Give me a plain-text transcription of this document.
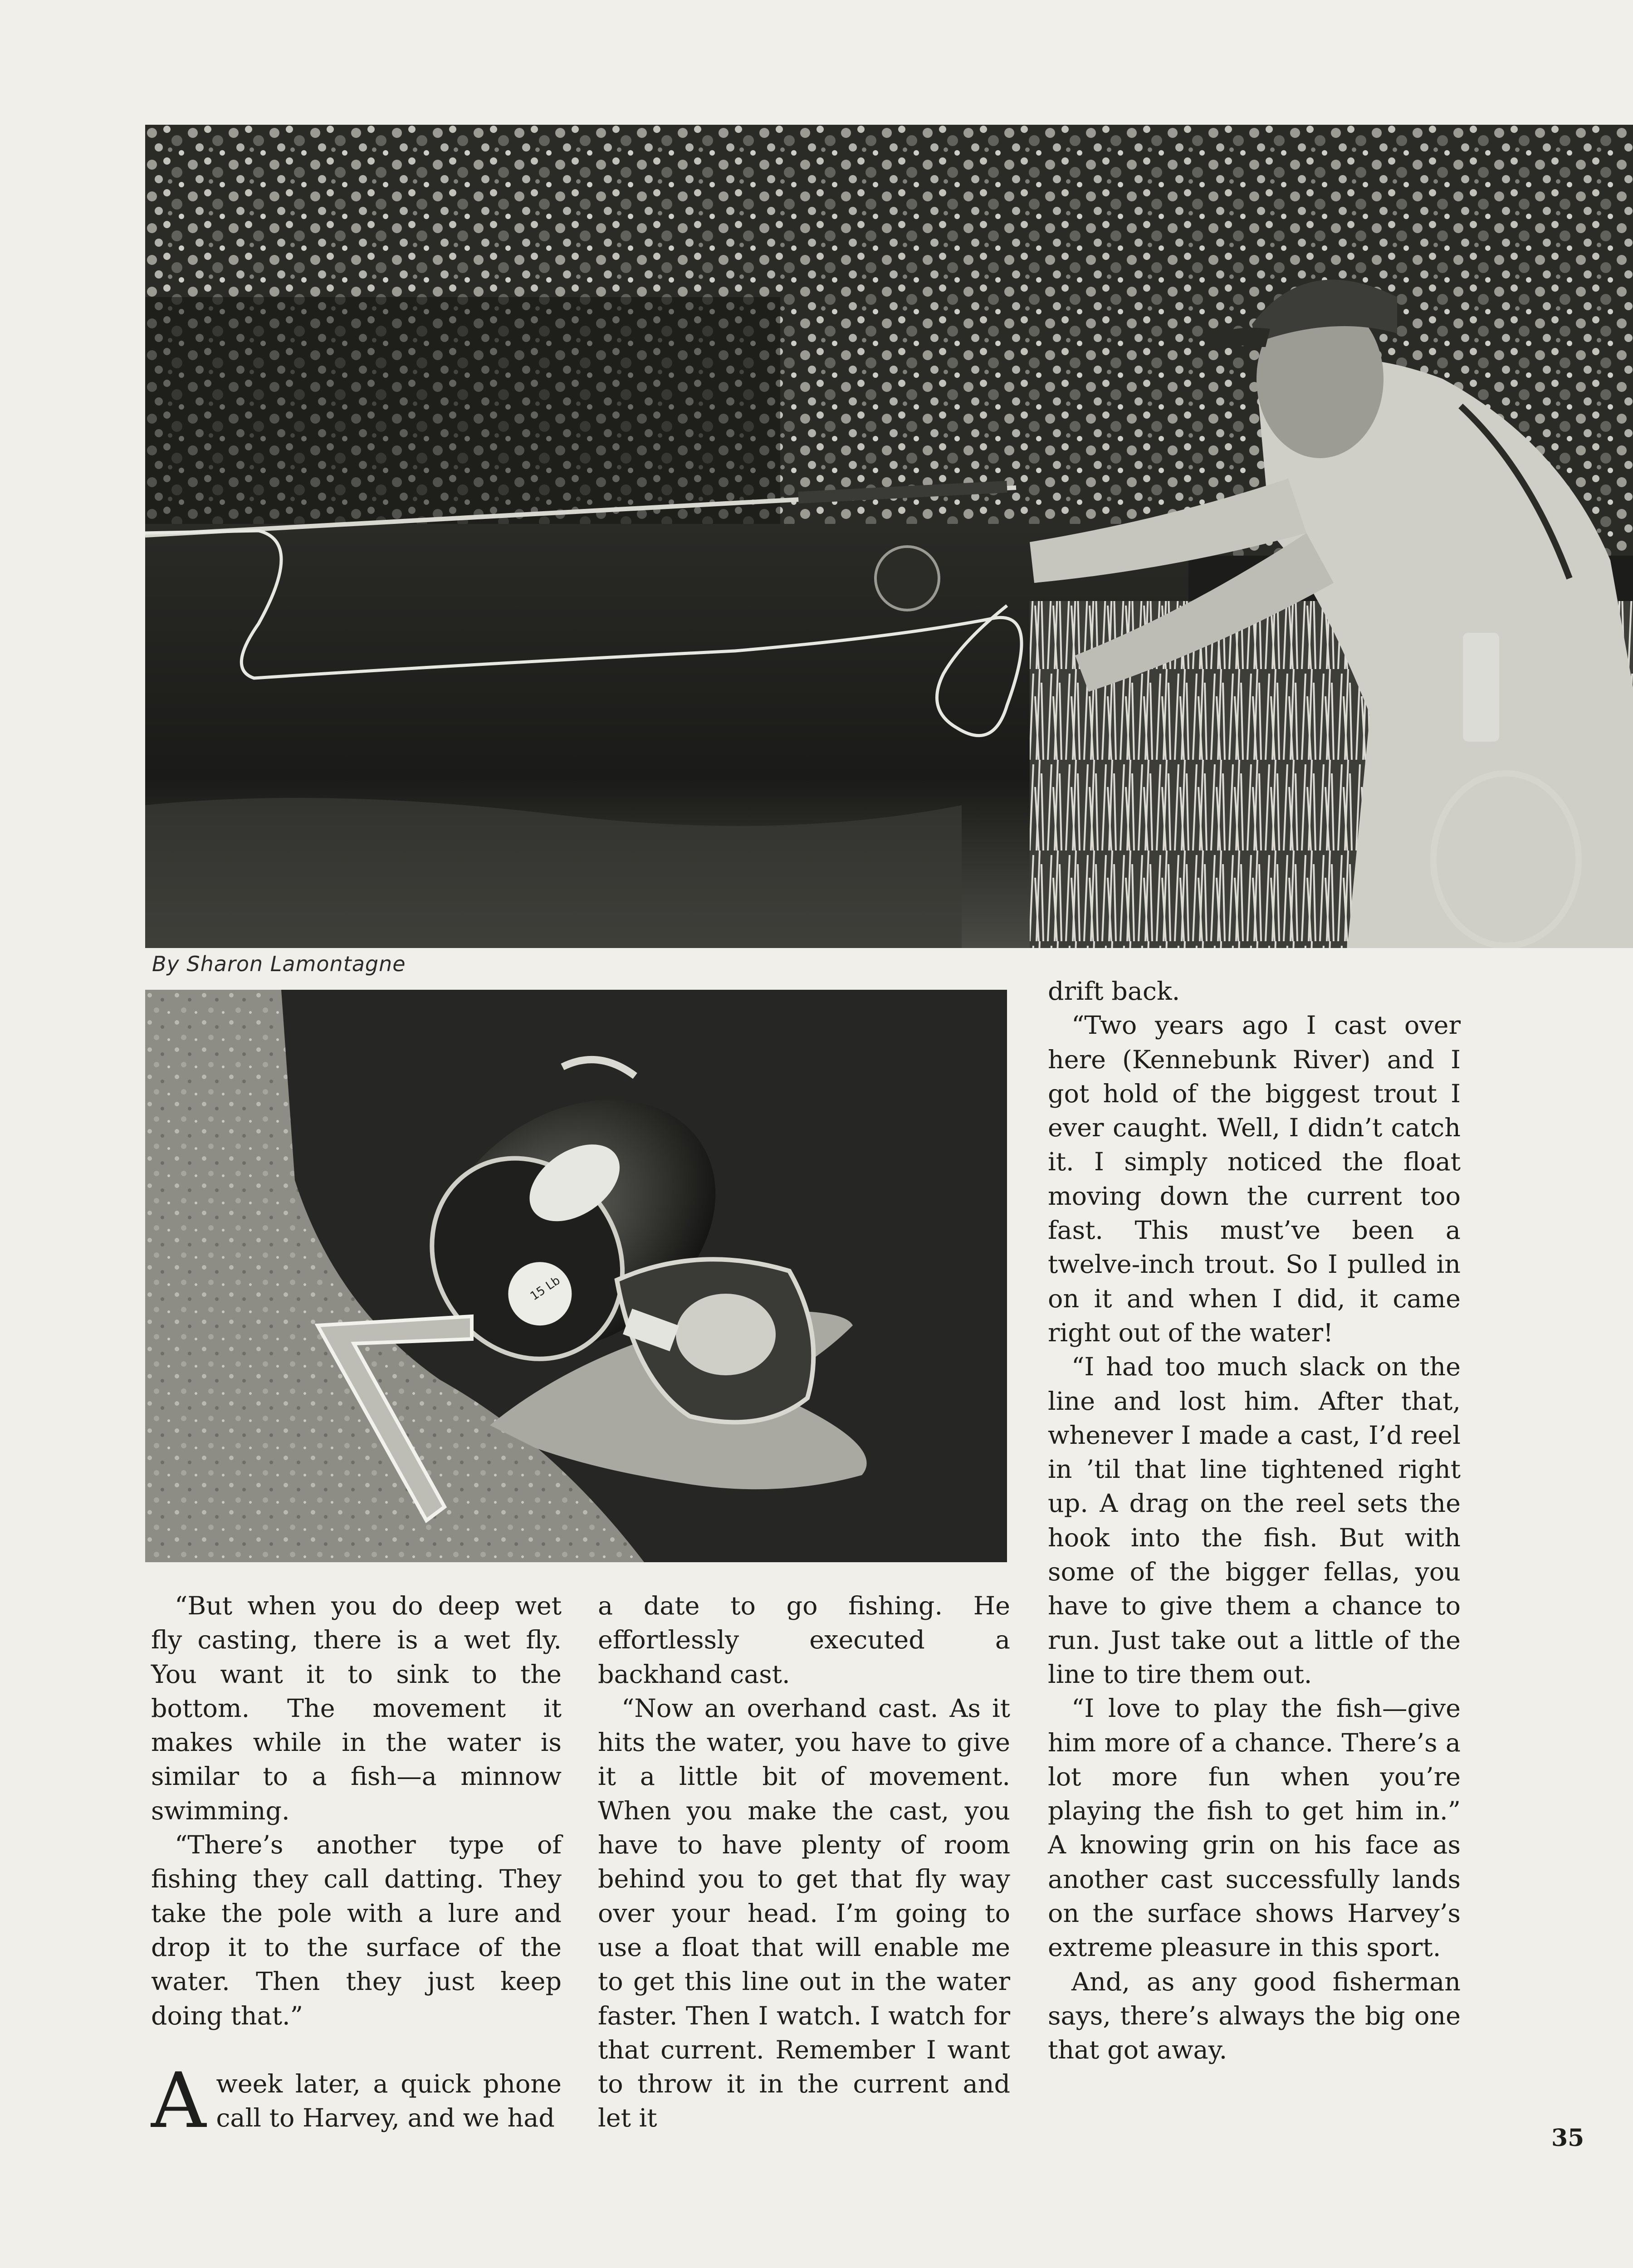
By Sharon Lamontagne
15 Lb

“But when you do deep wet fly casting, there is a wet fly. You want it to sink to the bottom. The movement it makes while in the water is similar to a fish—a minnow swimming.

“There’s another type of fishing they call datting. They take the pole with a lure and drop it to the surface of the water. Then they just keep doing that.”

Aweek later, a quick phone call to Harvey, and we had

a date to go fishing. He effortlessly executed a backhand cast.

“Now an overhand cast. As it hits the water, you have to give it a little bit of movement. When you make the cast, you have to have plenty of room behind you to get that fly way over your head. I’m going to use a float that will enable me to get this line out in the water faster. Then I watch. I watch for that current. Remember I want to throw it in the current and let it

drift back.

“Two years ago I cast over here (Kennebunk River) and I got hold of the biggest trout I ever caught. Well, I didn’t catch it. I simply noticed the float moving down the current too fast. This must’ve been a twelve-inch trout. So I pulled in on it and when I did, it came right out of the water!

“I had too much slack on the line and lost him. After that, whenever I made a cast, I’d reel in ’til that line tightened right up. A drag on the reel sets the hook into the fish. But with some of the bigger fellas, you have to give them a chance to run. Just take out a little of the line to tire them out.

“I love to play the fish—give him more of a chance. There’s a lot more fun when you’re playing the fish to get him in.” A knowing grin on his face as another cast successfully lands on the surface shows Harvey’s extreme pleasure in this sport.

And, as any good fisherman says, there’s always the big one that got away.

35
